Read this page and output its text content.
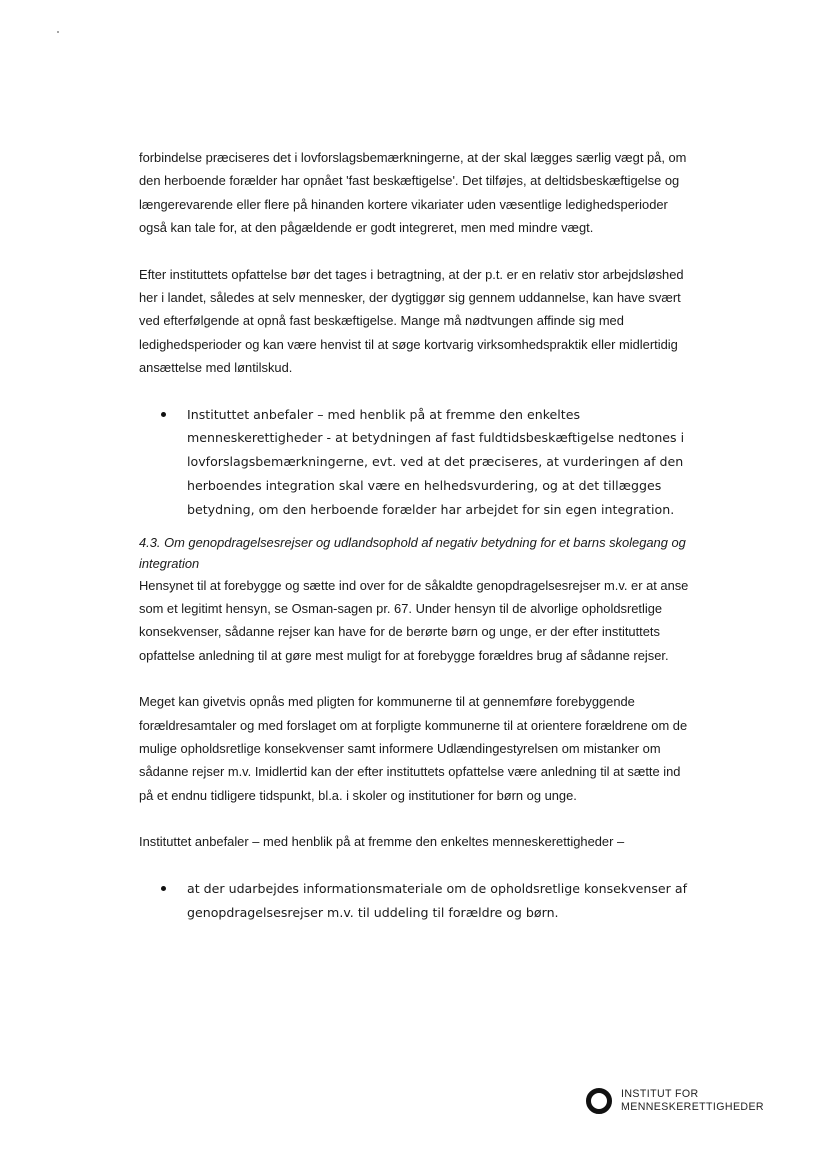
forbindelse præciseres det i lovforslagsbemærkningerne, at der skal lægges særlig vægt på, om den herboende forælder har opnået 'fast beskæftigelse'. Det tilføjes, at deltidsbeskæftigelse og længerevarende eller flere på hinanden kortere vikariater uden væsentlige ledighedsperioder også kan tale for, at den pågældende er godt integreret, men med mindre vægt.

Efter instituttets opfattelse bør det tages i betragtning, at der p.t. er en relativ stor arbejdsløshed her i landet, således at selv mennesker, der dygtiggør sig gennem uddannelse, kan have svært ved efterfølgende at opnå fast beskæftigelse. Mange må nødtvungen affinde sig med ledighedsperioder og kan være henvist til at søge kortvarig virksomhedspraktik eller midlertidig ansættelse med løntilskud.

Instituttet anbefaler – med henblik på at fremme den enkeltes menneskerettigheder - at betydningen af fast fuldtidsbeskæftigelse nedtones i lovforslagsbemærkningerne, evt. ved at det præciseres, at vurderingen af den herboendes integration skal være en helhedsvurdering, og at det tillægges betydning, om den herboende forælder har arbejdet for sin egen integration.

4.3. Om genopdragelsesrejser og udlandsophold af negativ betydning for et barns skolegang og integration

Hensynet til at forebygge og sætte ind over for de såkaldte genopdragelsesrejser m.v. er at anse som et legitimt hensyn, se Osman-sagen pr. 67. Under hensyn til de alvorlige opholdsretlige konsekvenser, sådanne rejser kan have for de berørte børn og unge, er der efter instituttets opfattelse anledning til at gøre mest muligt for at forebygge forældres brug af sådanne rejser.

Meget kan givetvis opnås med pligten for kommunerne til at gennemføre forebyggende forældresamtaler og med forslaget om at forpligte kommunerne til at orientere forældrene om de mulige opholdsretlige konsekvenser samt informere Udlændingestyrelsen om mistanker om sådanne rejser m.v. Imidlertid kan der efter instituttets opfattelse være anledning til at sætte ind på et endnu tidligere tidspunkt, bl.a. i skoler og institutioner for børn og unge.

Instituttet anbefaler – med henblik på at fremme den enkeltes menneskerettigheder –

at der udarbejdes informationsmateriale om de opholdsretlige konsekvenser af genopdragelsesrejser m.v. til uddeling til forældre og børn.
INSTITUT FOR
MENNESKERETTIGHEDER
